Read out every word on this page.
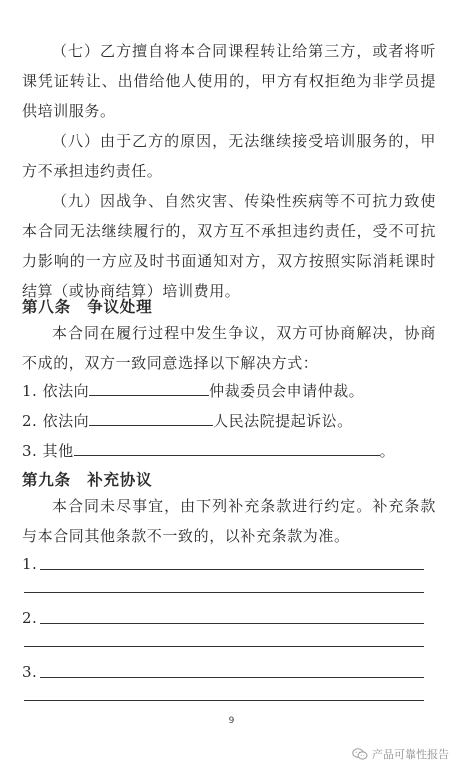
（七）乙方擅自将本合同课程转让给第三方，或者将听课凭证转让、出借给他人使用的，甲方有权拒绝为非学员提供培训服务。

（八）由于乙方的原因，无法继续接受培训服务的，甲方不承担违约责任。

（九）因战争、自然灾害、传染性疾病等不可抗力致使本合同无法继续履行的，双方互不承担违约责任，受不可抗力影响的一方应及时书面通知对方，双方按照实际消耗课时结算（或协商结算）培训费用。

第八条　争议处理

本合同在履行过程中发生争议，双方可协商解决，协商不成的，双方一致同意选择以下解决方式：

1. 依法向	仲裁委员会申请仲裁。
2. 依法向	人民法院提起诉讼。
3. 其他	。
第九条　补充协议

本合同未尽事宜，由下列补充条款进行约定。补充条款与本合同其他条款不一致的，以补充条款为准。

1.
2.
3.
9
产品可靠性报告
